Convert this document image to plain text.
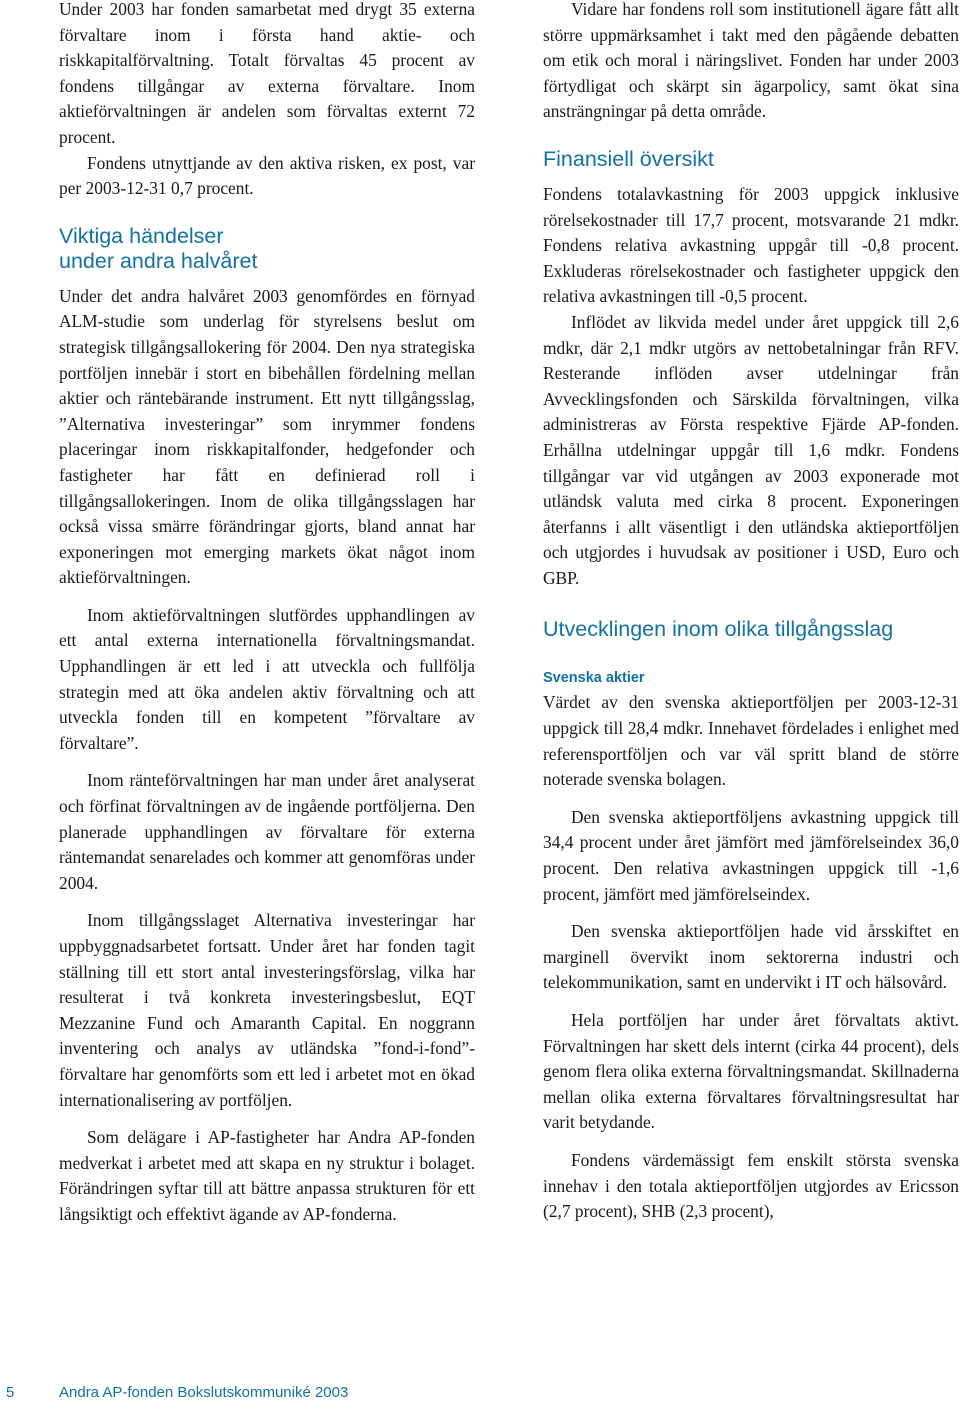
Under 2003 har fonden samarbetat med drygt 35 externa förvaltare inom i första hand aktie- och riskkapitalförvaltning. Totalt förvaltas 45 procent av fondens tillgångar av externa förvaltare. Inom aktieförvaltningen är andelen som förvaltas externt 72 procent.

Fondens utnyttjande av den aktiva risken, ex post, var per 2003-12-31 0,7 procent.

Viktiga händelser under andra halvåret

Under det andra halvåret 2003 genomfördes en förnyad ALM-studie som underlag för styrelsens beslut om strategisk tillgångsallokering för 2004. Den nya strategiska portföljen innebär i stort en bibehållen fördelning mellan aktier och räntebärande instrument. Ett nytt tillgångsslag, ”Alternativa investeringar” som inrymmer fondens placeringar inom riskkapitalfonder, hedgefonder och fastigheter har fått en definierad roll i tillgångsallokeringen. Inom de olika tillgångsslagen har också vissa smärre förändringar gjorts, bland annat har exponeringen mot emerging markets ökat något inom aktieförvaltningen.

Inom aktieförvaltningen slutfördes upphandlingen av ett antal externa internationella förvaltningsmandat. Upphandlingen är ett led i att utveckla och fullfölja strategin med att öka andelen aktiv förvaltning och att utveckla fonden till en kompetent ”förvaltare av förvaltare”.

Inom ränteförvaltningen har man under året analyserat och förfinat förvaltningen av de ingående portföljerna. Den planerade upphandlingen av förvaltare för externa räntemandat senarelades och kommer att genomföras under 2004.

Inom tillgångsslaget Alternativa investeringar har uppbyggnadsarbetet fortsatt. Under året har fonden tagit ställning till ett stort antal investeringsförslag, vilka har resulterat i två konkreta investeringsbeslut, EQT Mezzanine Fund och Amaranth Capital. En noggrann inventering och analys av utländska ”fond-i-fond”-förvaltare har genomförts som ett led i arbetet mot en ökad internationalisering av portföljen.

Som delägare i AP-fastigheter har Andra AP-fonden medverkat i arbetet med att skapa en ny struktur i bolaget. Förändringen syftar till att bättre anpassa strukturen för ett långsiktigt och effektivt ägande av AP-fonderna.

Vidare har fondens roll som institutionell ägare fått allt större uppmärksamhet i takt med den pågående debatten om etik och moral i näringslivet. Fonden har under 2003 förtydligat och skärpt sin ägarpolicy, samt ökat sina ansträngningar på detta område.

Finansiell översikt

Fondens totalavkastning för 2003 uppgick inklusive rörelsekostnader till 17,7 procent, motsvarande 21 mdkr. Fondens relativa avkastning uppgår till -0,8 procent. Exkluderas rörelsekostnader och fastigheter uppgick den relativa avkastningen till -0,5 procent.

Inflödet av likvida medel under året uppgick till 2,6 mdkr, där 2,1 mdkr utgörs av nettobetalningar från RFV. Resterande inflöden avser utdelningar från Avvecklingsfonden och Särskilda förvaltningen, vilka administreras av Första respektive Fjärde AP-fonden. Erhållna utdelningar uppgår till 1,6 mdkr. Fondens tillgångar var vid utgången av 2003 exponerade mot utländsk valuta med cirka 8 procent. Exponeringen återfanns i allt väsentligt i den utländska aktieportföljen och utgjordes i huvudsak av positioner i USD, Euro och GBP.

Utvecklingen inom olika tillgångsslag
Svenska aktier

Värdet av den svenska aktieportföljen per 2003-12-31 uppgick till 28,4 mdkr. Innehavet fördelades i enlighet med referensportföljen och var väl spritt bland de större noterade svenska bolagen.

Den svenska aktieportföljens avkastning uppgick till 34,4 procent under året jämfört med jämförelseindex 36,0 procent. Den relativa avkastningen uppgick till -1,6 procent, jämfört med jämförelseindex.

Den svenska aktieportföljen hade vid årsskiftet en marginell övervikt inom sektorerna industri och telekommunikation, samt en undervikt i IT och hälsovård.

Hela portföljen har under året förvaltats aktivt. Förvaltningen har skett dels internt (cirka 44 procent), dels genom flera olika externa förvaltningsmandat. Skillnaderna mellan olika externa förvaltares förvaltningsresultat har varit betydande.

Fondens värdemässigt fem enskilt största svenska innehav i den totala aktieportföljen utgjordes av Ericsson (2,7 procent), SHB (2,3 procent),

5	Andra AP-fonden Bokslutskommuniké 2003
